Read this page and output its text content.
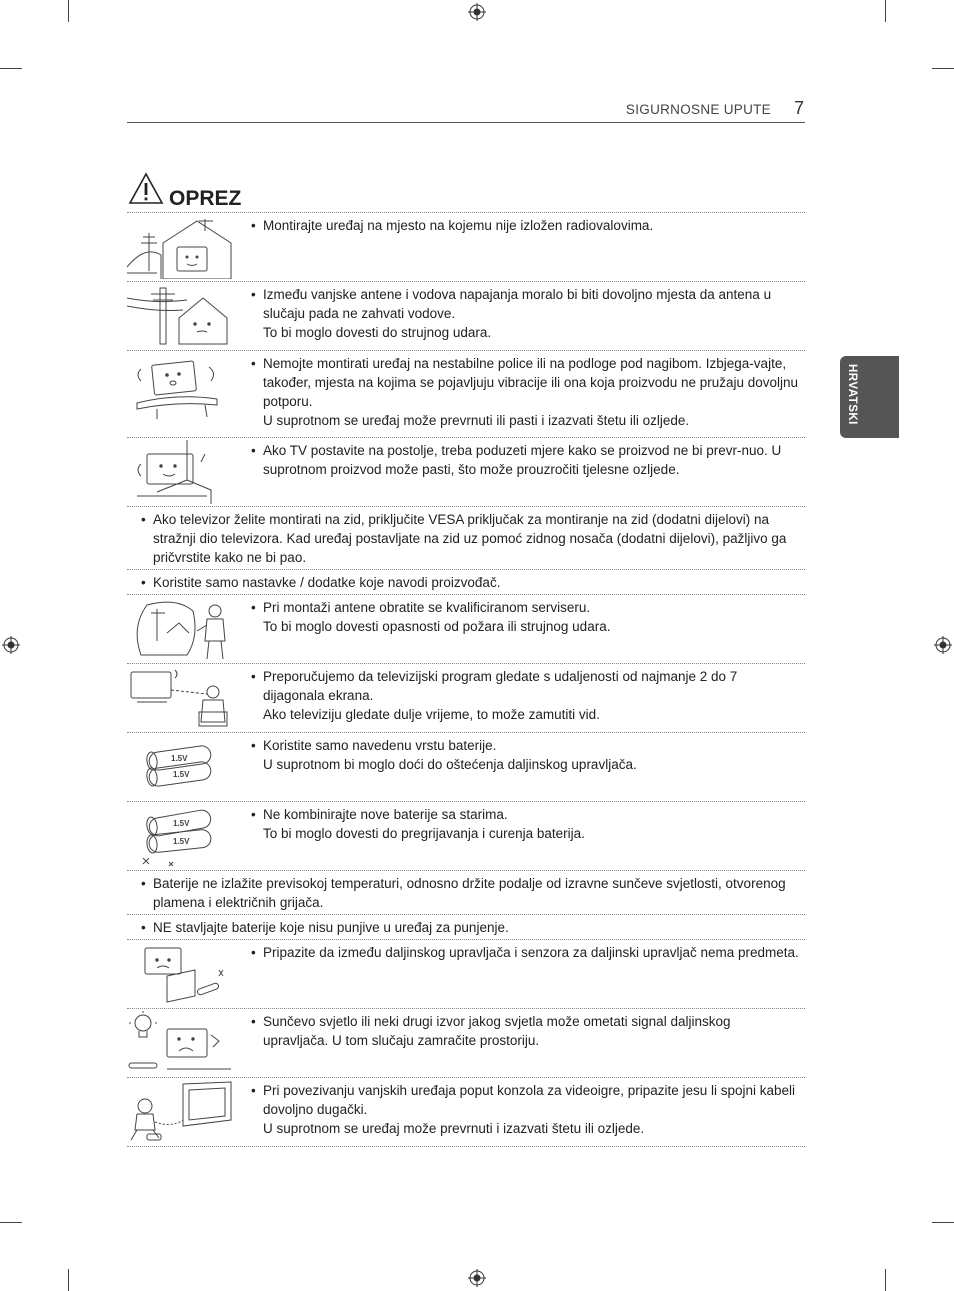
SIGURNOSNE UPUTE 7
HRVATSKI
OPREZ
• Montirajte uređaj na mjesto na kojemu nije izložen radiovalovima.
• Između vanjske antene i vodova napajanja moralo bi biti dovoljno mjesta da antena u slučaju pada ne zahvati vodove.
To bi moglo dovesti do strujnog udara.
• Nemojte montirati uređaj na nestabilne police ili na podloge pod nagibom. Izbjega-vajte, također, mjesta na kojima se pojavljuju vibracije ili ona koja proizvodu ne pružaju dovoljnu potporu.
U suprotnom se uređaj može prevrnuti ili pasti i izazvati štetu ili ozljede.
• Ako TV postavite na postolje, treba poduzeti mjere kako se proizvod ne bi prevr-nuo. U suprotnom proizvod može pasti, što može prouzročiti tjelesne ozljede.
• Ako televizor želite montirati na zid, priključite VESA priključak za montiranje na zid (dodatni dijelovi) na stražnji dio televizora. Kad uređaj postavljate na zid uz pomoć zidnog nosača (dodatni dijelovi), pažljivo ga pričvrstite kako ne bi pao.
• Koristite samo nastavke / dodatke koje navodi proizvođač.
• Pri montaži antene obratite se kvalificiranom serviseru.
To bi moglo dovesti opasnosti od požara ili strujnog udara.
• Preporučujemo da televizijski program gledate s udaljenosti od najmanje 2 do 7 dijagonala ekrana.
Ako televiziju gledate dulje vrijeme, to može zamutiti vid.
1.5V
1.5V
• Koristite samo navedenu vrstu baterije.
U suprotnom bi moglo doći do oštećenja daljinskog upravljača.
1.5V
1.5V
• Ne kombinirajte nove baterije sa starima.
To bi moglo dovesti do pregrijavanja i curenja baterija.
• Baterije ne izlažite previsokoj temperaturi, odnosno držite podalje od izravne sunčeve svjetlosti, otvorenog plamena i električnih grijača.
• NE stavljajte baterije koje nisu punjive u uređaj za punjenje.
• Pripazite da između daljinskog upravljača i senzora za daljinski upravljač nema predmeta.
• Sunčevo svjetlo ili neki drugi izvor jakog svjetla može ometati signal daljinskog upravljača. U tom slučaju zamračite prostoriju.
• Pri povezivanju vanjskih uređaja poput konzola za videoigre, pripazite jesu li spojni kabeli dovoljno dugački.
U suprotnom se uređaj može prevrnuti i izazvati štetu ili ozljede.
